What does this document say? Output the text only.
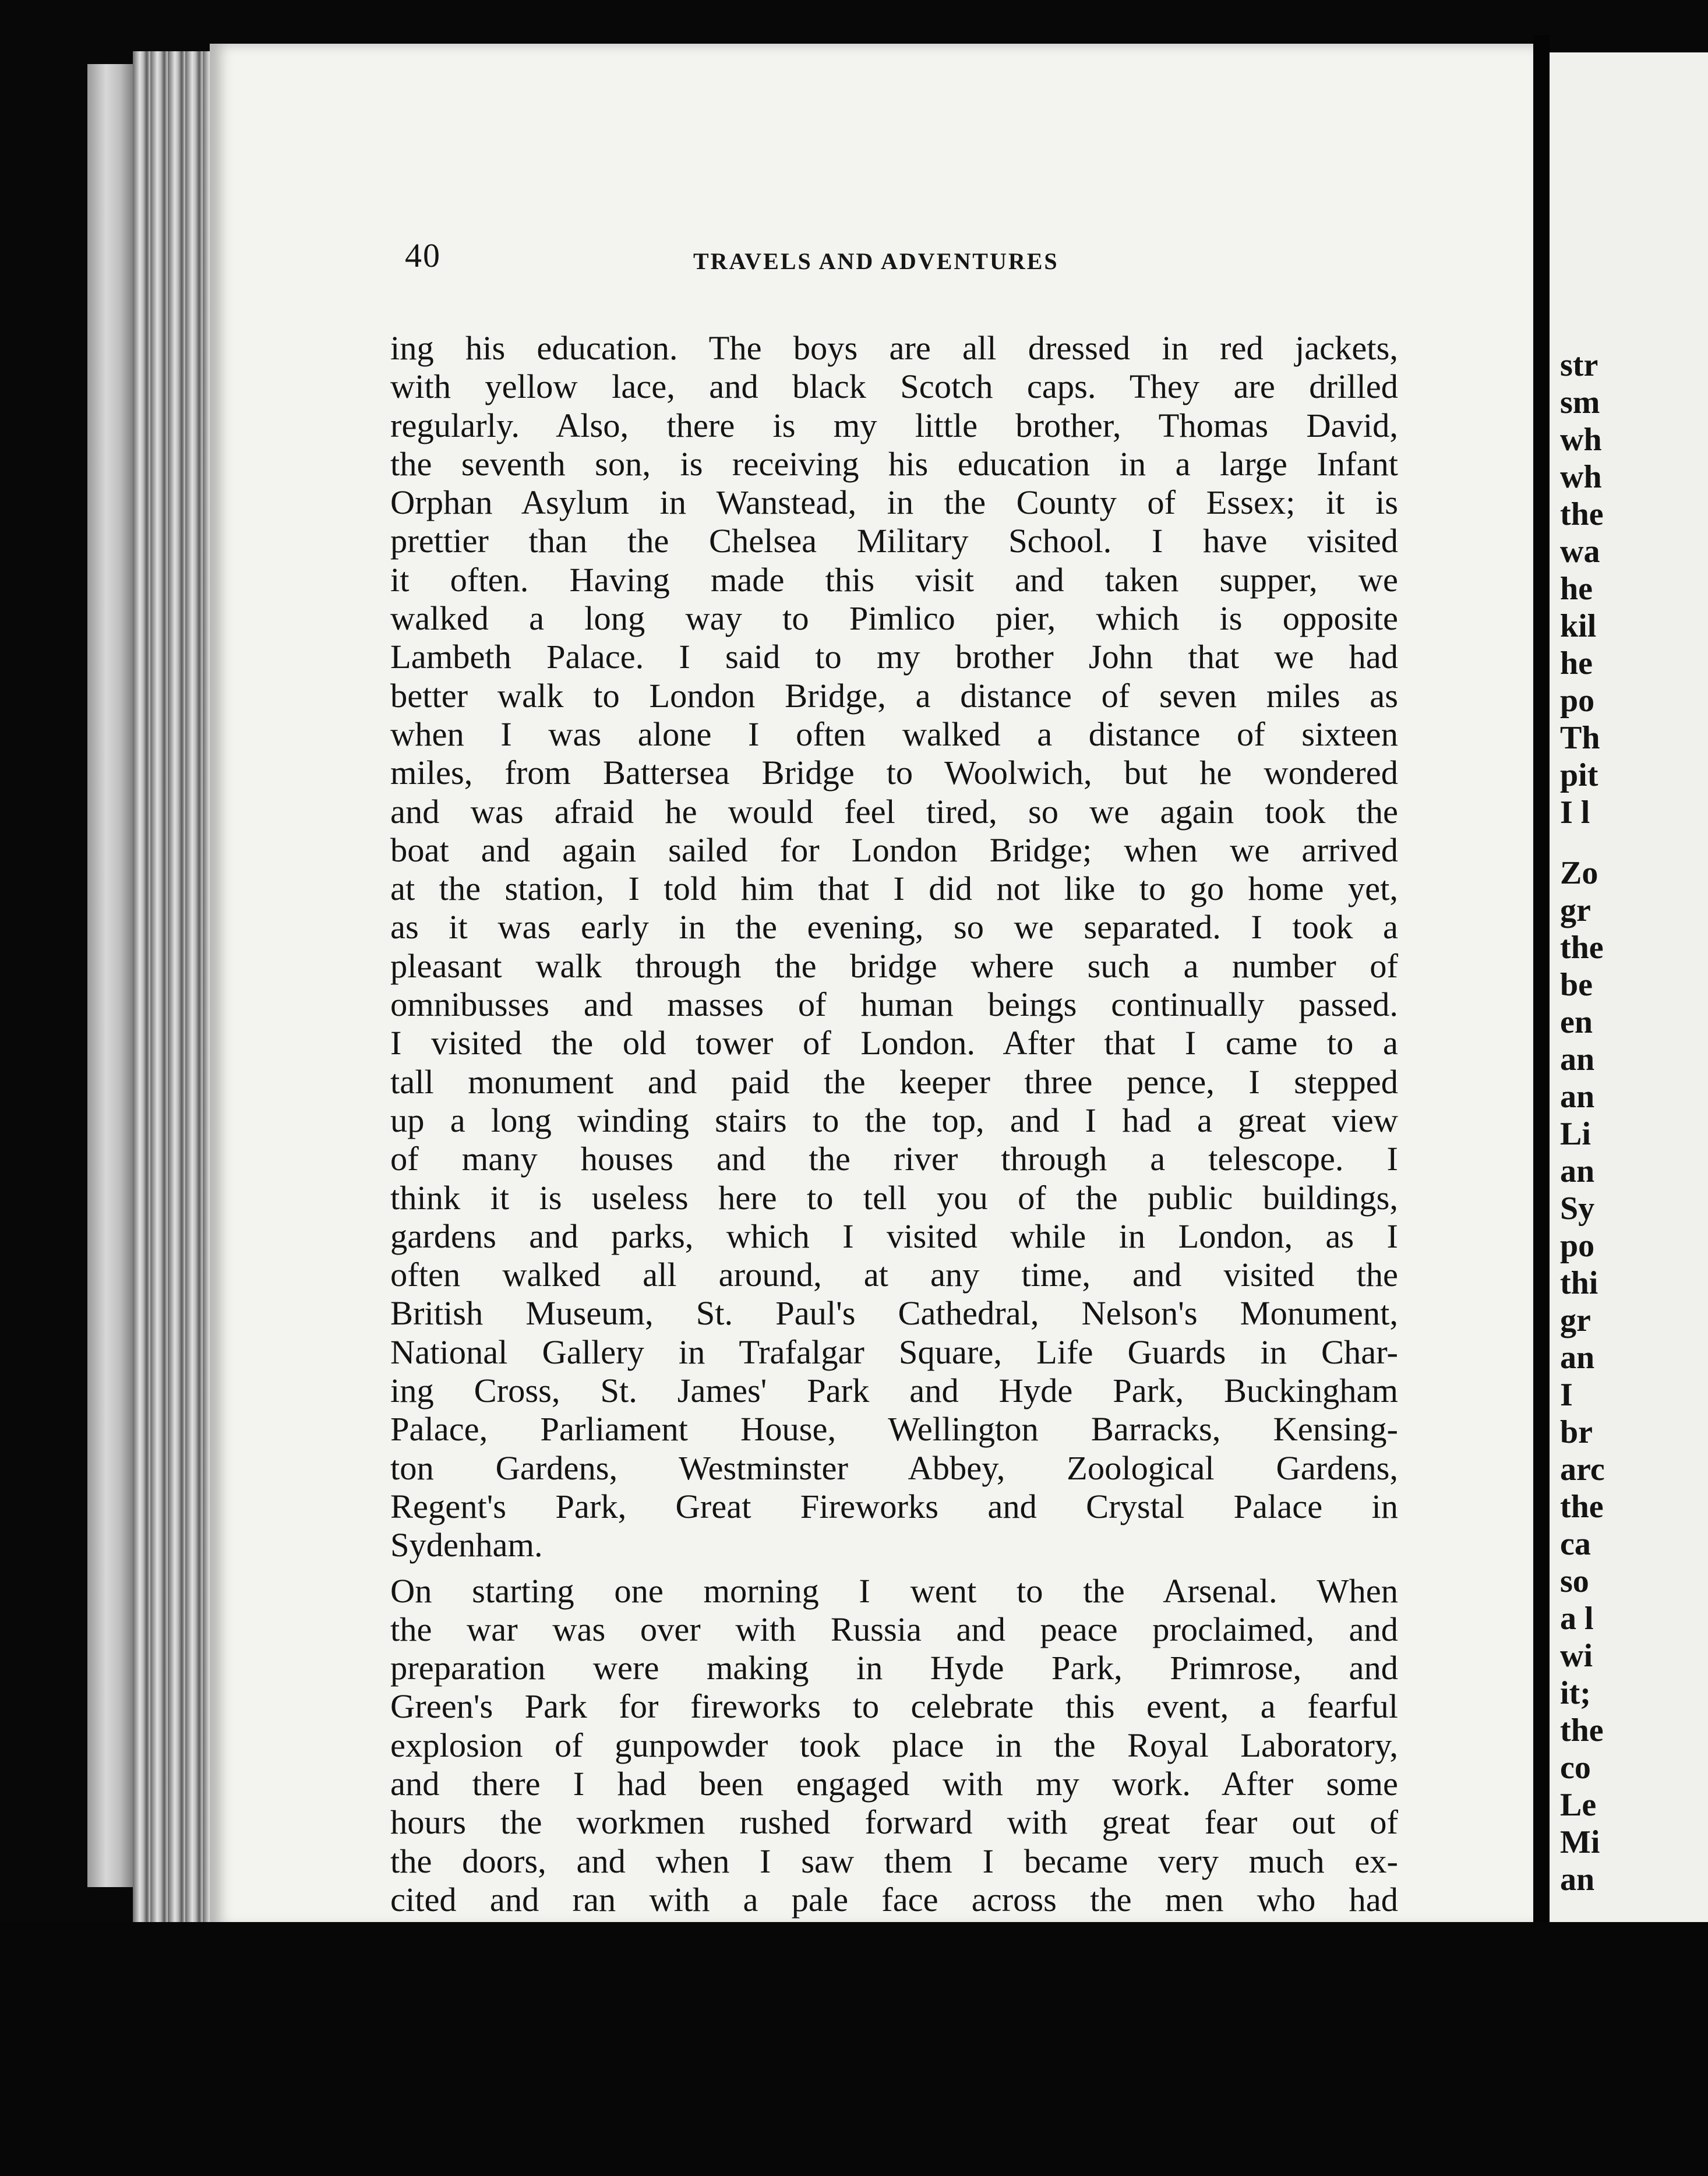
40	TRAVELS AND ADVENTURES
ing his education. The boys are all dressed in red jackets,
with yellow lace, and black Scotch caps. They are drilled
regularly. Also, there is my little brother, Thomas David,
the seventh son, is receiving his education in a large Infant
Orphan Asylum in Wanstead, in the County of Essex; it is
prettier than the Chelsea Military School. I have visited
it often. Having made this visit and taken supper, we
walked a long way to Pimlico pier, which is opposite
Lambeth Palace. I said to my brother John that we had
better walk to London Bridge, a distance of seven miles as
when I was alone I often walked a distance of sixteen
miles, from Battersea Bridge to Woolwich, but he wondered
and was afraid he would feel tired, so we again took the
boat and again sailed for London Bridge; when we arrived
at the station, I told him that I did not like to go home yet,
as it was early in the evening, so we separated. I took a
pleasant walk through the bridge where such a number of
omnibusses and masses of human beings continually passed.
I visited the old tower of London. After that I came to a
tall monument and paid the keeper three pence, I stepped
up a long winding stairs to the top, and I had a great view
of many houses and the river through a telescope. I
think it is useless here to tell you of the public buildings,
gardens and parks, which I visited while in London, as I
often walked all around, at any time, and visited the
British Museum, St. Paul's Cathedral, Nelson's Monument,
National Gallery in Trafalgar Square, Life Guards in Char-
ing Cross, St. James' Park and Hyde Park, Buckingham
Palace, Parliament House, Wellington Barracks, Kensing-
ton Gardens, Westminster Abbey, Zoological Gardens,
Regent's Park, Great Fireworks and Crystal Palace in
Sydenham.
On starting one morning I went to the Arsenal. When
the war was over with Russia and peace proclaimed, and
preparation were making in Hyde Park, Primrose, and
Green's Park for fireworks to celebrate this event, a fearful
explosion of gunpowder took place in the Royal Laboratory,
and there I had been engaged with my work. After some
hours the workmen rushed forward with great fear out of
the doors, and when I saw them I became very much ex-
cited and ran with a pale face across the men who had
str
sm
wh
wh
the
wa
he
kil
he
po
Th
pit
I l
Zo
gr
the
be
en
an
an
Li
an
Sy
po
thi
gr
an
I
br
arc
the
ca
so
a l
wi
it;
the
co
Le
Mi
an
